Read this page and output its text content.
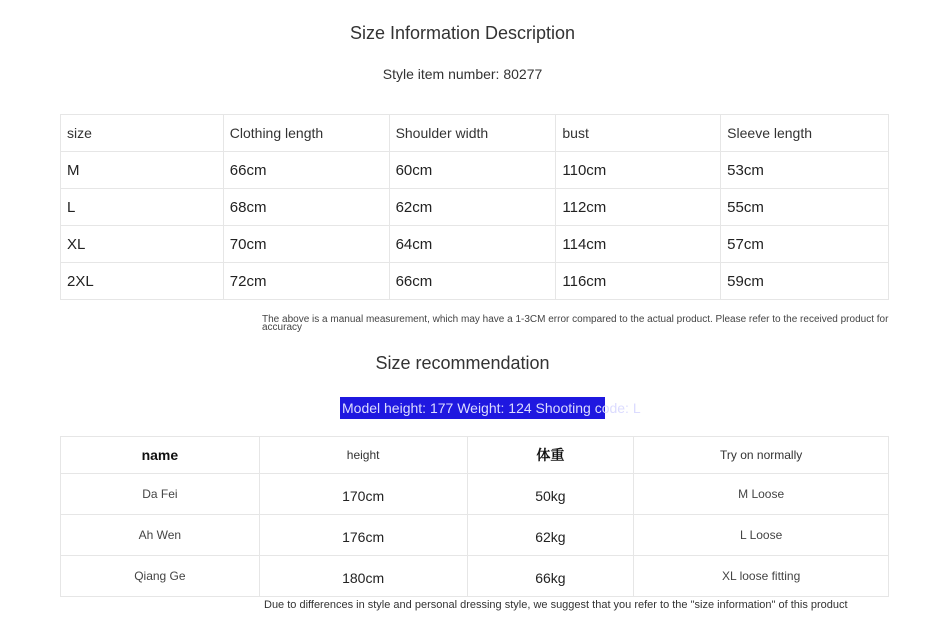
Size Information Description
Style item number: 80277
size	Clothing length	Shoulder width	bust	Sleeve length
M	66cm	60cm	110cm	53cm
L	68cm	62cm	112cm	55cm
XL	70cm	64cm	114cm	57cm
2XL	72cm	66cm	116cm	59cm
The above is a manual measurement, which may have a 1-3CM error compared to the actual product. Please refer to the received product for accuracy
Size recommendation
Model height: 177 Weight: 124 Shooting code: L
name	height	体重	Try on normally
Da Fei	170cm	50kg	M Loose
Ah Wen	176cm	62kg	L Loose
Qiang Ge	180cm	66kg	XL loose fitting
Due to differences in style and personal dressing style, we suggest that you refer to the "size information" of this product
